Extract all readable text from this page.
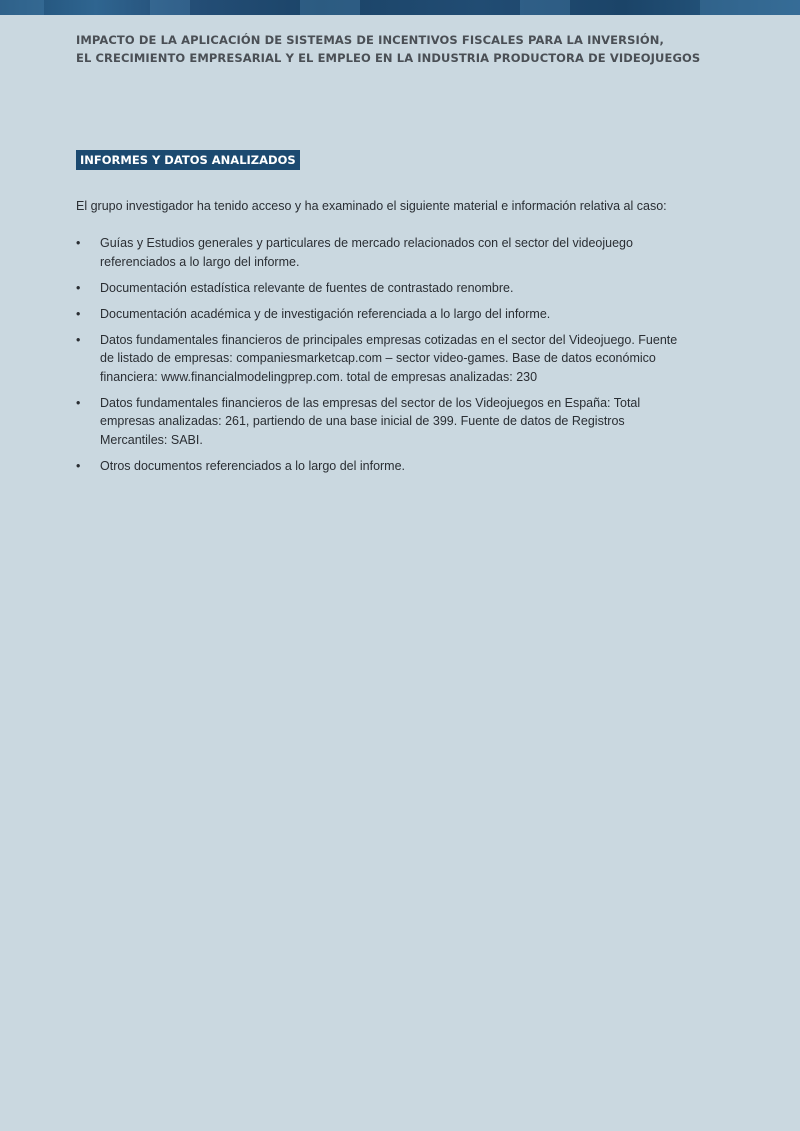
IMPACTO DE LA APLICACIÓN DE SISTEMAS DE INCENTIVOS FISCALES PARA LA INVERSIÓN,
EL CRECIMIENTO EMPRESARIAL Y EL EMPLEO EN LA INDUSTRIA PRODUCTORA DE VIDEOJUEGOS
INFORMES Y DATOS ANALIZADOS

El grupo investigador ha tenido acceso y ha examinado el siguiente material e información relativa al caso:

•	Guías y Estudios generales y particulares de mercado relacionados con el sector del videojuego referenciados a lo largo del informe.
•	Documentación estadística relevante de fuentes de contrastado renombre.
•	Documentación académica y de investigación referenciada a lo largo del informe.
•	Datos fundamentales financieros de principales empresas cotizadas en el sector del Videojuego. Fuente de listado de empresas: companiesmarketcap.com – sector video-games. Base de datos económico financiera: www.financialmodelingprep.com. total de empresas analizadas: 230
•	Datos fundamentales financieros de las empresas del sector de los Videojuegos en España: Total empresas analizadas: 261, partiendo de una base inicial de 399. Fuente de datos de Registros Mercantiles: SABI.
•	Otros documentos referenciados a lo largo del informe.
